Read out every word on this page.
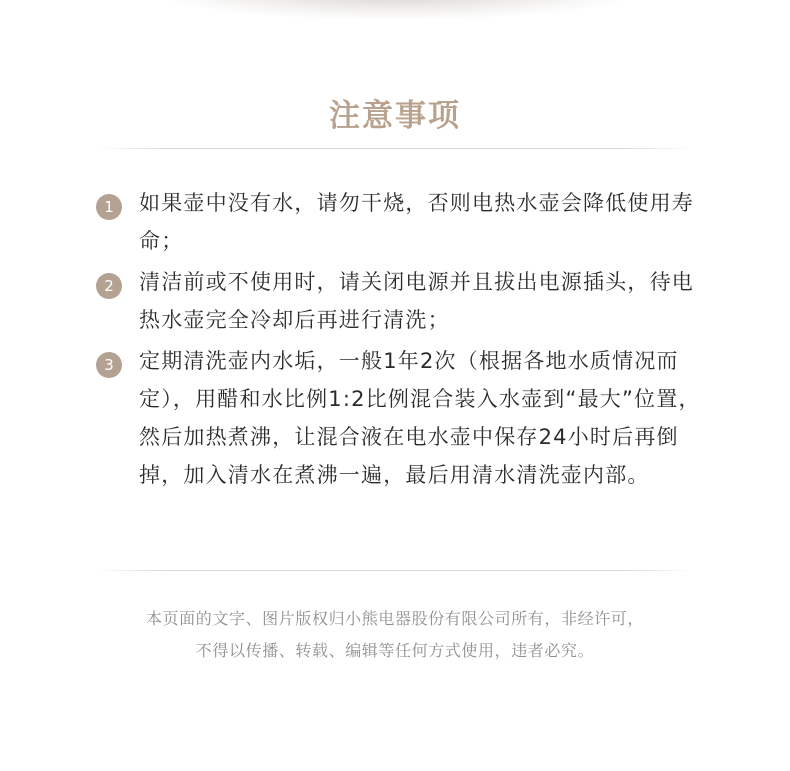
注意事项
1	如果壶中没有水，请勿干烧，否则电热水壶会降低使用寿命；
2	清洁前或不使用时，请关闭电源并且拔出电源插头，待电热水壶完全冷却后再进行清洗；
3	定期清洗壶内水垢，一般1年2次（根据各地水质情况而定），用醋和水比例1:2比例混合装入水壶到“最大”位置，然后加热煮沸，让混合液在电水壶中保存24小时后再倒掉，加入清水在煮沸一遍，最后用清水清洗壶内部。
本页面的文字、图片版权归小熊电器股份有限公司所有，非经许可，
不得以传播、转载、编辑等任何方式使用，违者必究。
